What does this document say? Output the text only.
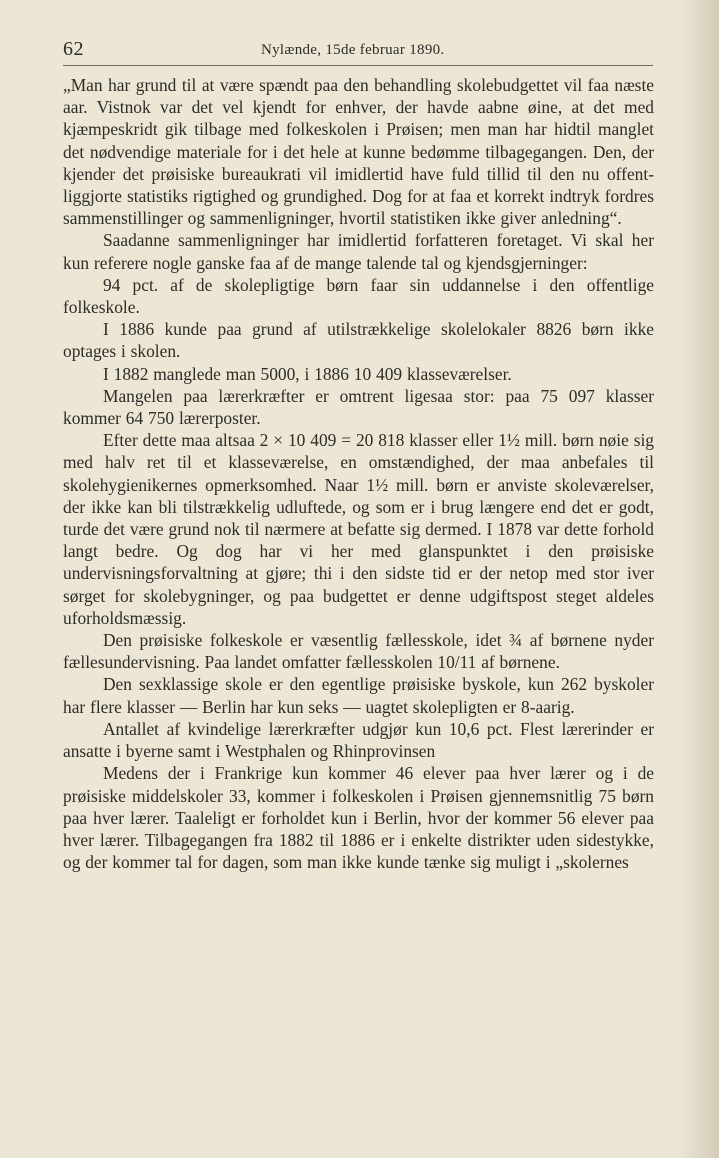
62	Nylænde, 15de februar 1890.

„Man har grund til at være spændt paa den behandling skolebudgettet vil faa næste aar. Vistnok var det vel kjendt for enhver, der havde aabne øine, at det med kjæmpeskridt gik tilbage med folkeskolen i Prøisen; men man har hidtil manglet det nødvendige materiale for i det hele at kunne bedømme tilbagegangen. Den, der kjender det prøisiske bureaukrati vil imidlertid have fuld tillid til den nu offentliggjorte statistiks rigtighed og grundighed. Dog for at faa et korrekt indtryk fordres sammenstillinger og sammenligninger, hvortil statistiken ikke giver anledning“.

Saadanne sammenligninger har imidlertid forfatteren foretaget. Vi skal her kun referere nogle ganske faa af de mange talende tal og kjendsgjerninger:

94 pct. af de skolepligtige børn faar sin uddannelse i den offentlige folkeskole.

I 1886 kunde paa grund af utilstrækkelige skolelokaler 8826 børn ikke optages i skolen.

I 1882 manglede man 5000, i 1886 10 409 klasseværelser.

Mangelen paa lærerkræfter er omtrent ligesaa stor: paa 75 097 klasser kommer 64 750 lærerposter.

Efter dette maa altsaa 2 × 10 409 = 20 818 klasser eller 1½ mill. børn nøie sig med halv ret til et klasseværelse, en omstændighed, der maa anbefales til skolehygienikernes opmerksomhed. Naar 1½ mill. børn er anviste skoleværelser, der ikke kan bli tilstrækkelig udluftede, og som er i brug længere end det er godt, turde det være grund nok til nærmere at befatte sig dermed. I 1878 var dette forhold langt bedre. Og dog har vi her med glanspunktet i den prøisiske undervisningsforvaltning at gjøre; thi i den sidste tid er der netop med stor iver sørget for skolebygninger, og paa budgettet er denne udgiftspost steget aldeles uforholdsmæssig.

Den prøisiske folkeskole er væsentlig fællesskole, idet ¾ af børnene nyder fællesundervisning. Paa landet omfatter fællesskolen 10/11 af børnene.

Den sexklassige skole er den egentlige prøisiske byskole, kun 262 byskoler har flere klasser — Berlin har kun seks — uagtet skolepligten er 8-aarig.

Antallet af kvindelige lærerkræfter udgjør kun 10,6 pct. Flest lærerinder er ansatte i byerne samt i Westphalen og Rhinprovinsen

Medens der i Frankrige kun kommer 46 elever paa hver lærer og i de prøisiske middelskoler 33, kommer i folkeskolen i Prøisen gjennemsnitlig 75 børn paa hver lærer. Taaleligt er forholdet kun i Berlin, hvor der kommer 56 elever paa hver lærer. Tilbagegangen fra 1882 til 1886 er i enkelte distrikter uden sidestykke, og der kommer tal for dagen, som man ikke kunde tænke sig muligt i „skolernes
